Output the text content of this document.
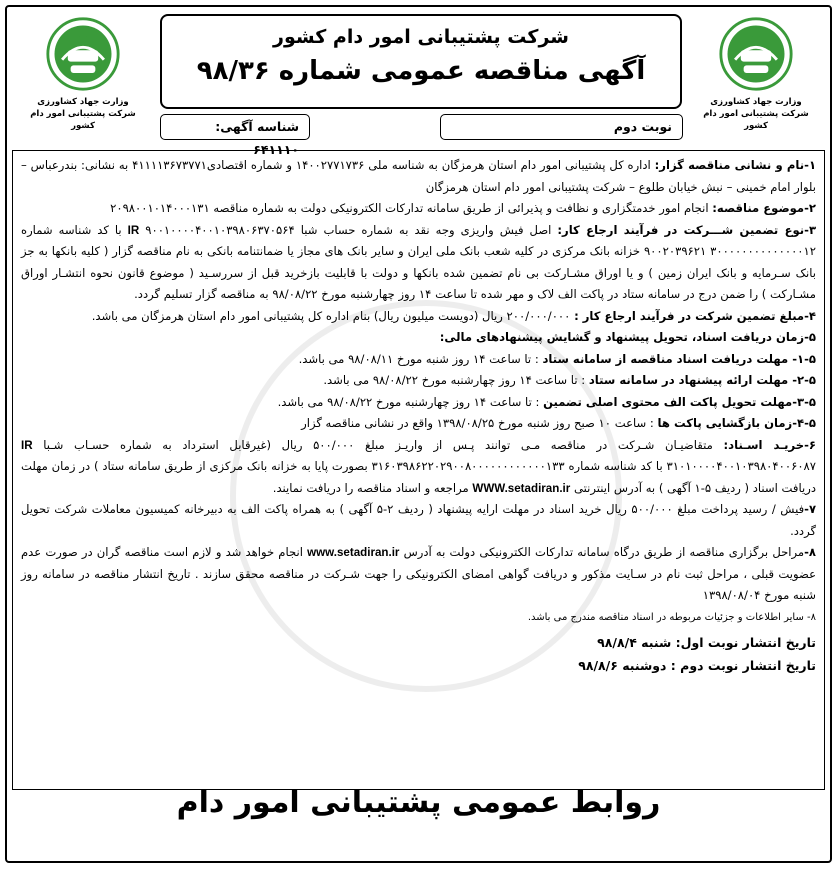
وزارت جهاد کشاورزی
شرکت پشتیبانی امور دام کشور
وزارت جهاد کشاورزی
شرکت پشتیبانی امور دام کشور
شرکت پشتیبانی امور دام کشور
آگهی مناقصه عمومی شماره ۹۸/۳۶
شناسه آگهی: ۶۴۱۱۱۰
نوبت دوم

۱-نام و نشانی مناقصه گزار: اداره کل پشتیبانی امور دام استان هرمزگان به شناسه ملی ۱۴۰۰۲۷۷۱۷۳۶ و شماره اقتصادی۴۱۱۱۱۳۶۷۳۷۷۱ به نشانی: بندرعباس – بلوار امام خمینی – نبش خیابان طلوع – شرکت پشتیبانی امور دام استان هرمزگان

۲-موضوع مناقصه: انجام امور خدمتگزاری و نظافت و پذیرائی از طریق سامانه تدارکات الکترونیکی دولت به شماره مناقصه ۲۰۹۸۰۰۱۰۱۴۰۰۰۱۳۱

۳-نوع تضمین شـــرکت در فرآیند ارجاع کار: اصل فیش واریزی وجه نقد به شماره حساب شبا IR ۹۰۰۱۰۰۰۰۴۰۰۱۰۳۹۸۰۶۳۷۰۵۶۴ با کد شناسه شماره ۳۰۰۰۰۰۰۰۰۰۰۰۰۰۰۱۲ ۹۰۰۲۰۳۹۶۲۱ خزانه بانک مرکزی در کلیه شعب بانک ملی ایران و سایر بانک های مجاز یا ضمانتنامه بانکی به نام مناقصه گزار ( کلیه بانکها به جز بانک سـرمایه و بانک ایران زمین ) و یا اوراق مشـارکت بی نام تضمین شده بانکها و دولت با قابلیت بازخرید قبل از سررسـید ( موضوع قانون نحوه انتشـار اوراق مشـارکت ) را ضمن درج در سامانه ستاد در پاکت الف لاک و مهر شده تا ساعت ۱۴ روز چهارشنبه مورخ ۹۸/۰۸/۲۲ به مناقصه گزار تسلیم گردد.

۴-مبلغ تضمین شرکت در فرآیند ارجاع کار : ۲۰۰/۰۰۰/۰۰۰ ریال (دویست میلیون ریال) بنام اداره کل پشتیبانی امور دام استان هرمزگان می باشد.

۵-زمان دریافت اسناد، تحویل پیشنهاد و گشایش پیشنهادهای مالی:

۱-۵- مهلت دریافت اسناد مناقصه از سامانه ستاد : تا ساعت ۱۴ روز شنبه مورخ ۹۸/۰۸/۱۱ می باشد.

۲-۵- مهلت ارائه پیشنهاد در سامانه ستاد : تا ساعت ۱۴ روز چهارشنبه مورخ ۹۸/۰۸/۲۲ می باشد.

۳-۵-مهلت تحویل پاکت الف محتوی اصلی تضمین : تا ساعت ۱۴ روز چهارشنبه مورخ ۹۸/۰۸/۲۲ می باشد.

۴-۵-زمان بازگشایی پاکت ها : ساعت ۱۰ صبح روز شنبه مورخ ۱۳۹۸/۰۸/۲۵ واقع در نشانی مناقصه گزار

۶-خریـد اسـناد: متقاضیـان شـرکت در مناقصه مـی توانند پـس از واریـز مبلغ ۵۰۰/۰۰۰ ریال (غیرقابل استرداد به شماره حسـاب شـبا IR ۳۱۰۱۰۰۰۰۴۰۰۱۰۳۹۸۰۴۰۰۶۰۸۷ با کد شناسه شماره ۳۱۶۰۳۹۸۶۲۲۰۲۹۰۰۸۰۰۰۰۰۰۰۰۰۰۰۰۱۳۳ بصورت پایا به خزانه بانک مرکزی از طریق سامانه ستاد ) در زمان مهلت دریافت اسناد ( ردیف ۵-۱ آگهی ) به آدرس اینترنتی WWW.setadiran.ir مراجعه و اسناد مناقصه را دریافت نمایند.

۷-فیش / رسید پرداخت مبلغ ۵۰۰/۰۰۰ ریال خرید اسناد در مهلت ارایه پیشنهاد ( ردیف ۲-۵ آگهی ) به همراه پاکت الف به دبیرخانه کمیسیون معاملات شرکت تحویل گردد.

۸-مراحل برگزاری مناقصه از طریق درگاه سامانه تدارکات الکترونیکی دولت به آدرس www.setadiran.ir انجام خواهد شد و لازم است مناقصه گران در صورت عدم عضویت قبلی ، مراحل ثبت نام در سـایت مذکور و دریافت گواهی امضای الکترونیکی را جهت شـرکت در مناقصه محقق سازند . تاریخ انتشار مناقصه در سامانه روز شنبه مورخ ۱۳۹۸/۰۸/۰۴

۸- سایر اطلاعات و جزئیات مربوطه در اسناد مناقصه مندرج می باشد.

تاریخ انتشار نوبت اول: شنبه ۹۸/۸/۴

تاریخ انتشار نوبت دوم : دوشنبه ۹۸/۸/۶

روابط عمومی پشتیبانی امور دام
